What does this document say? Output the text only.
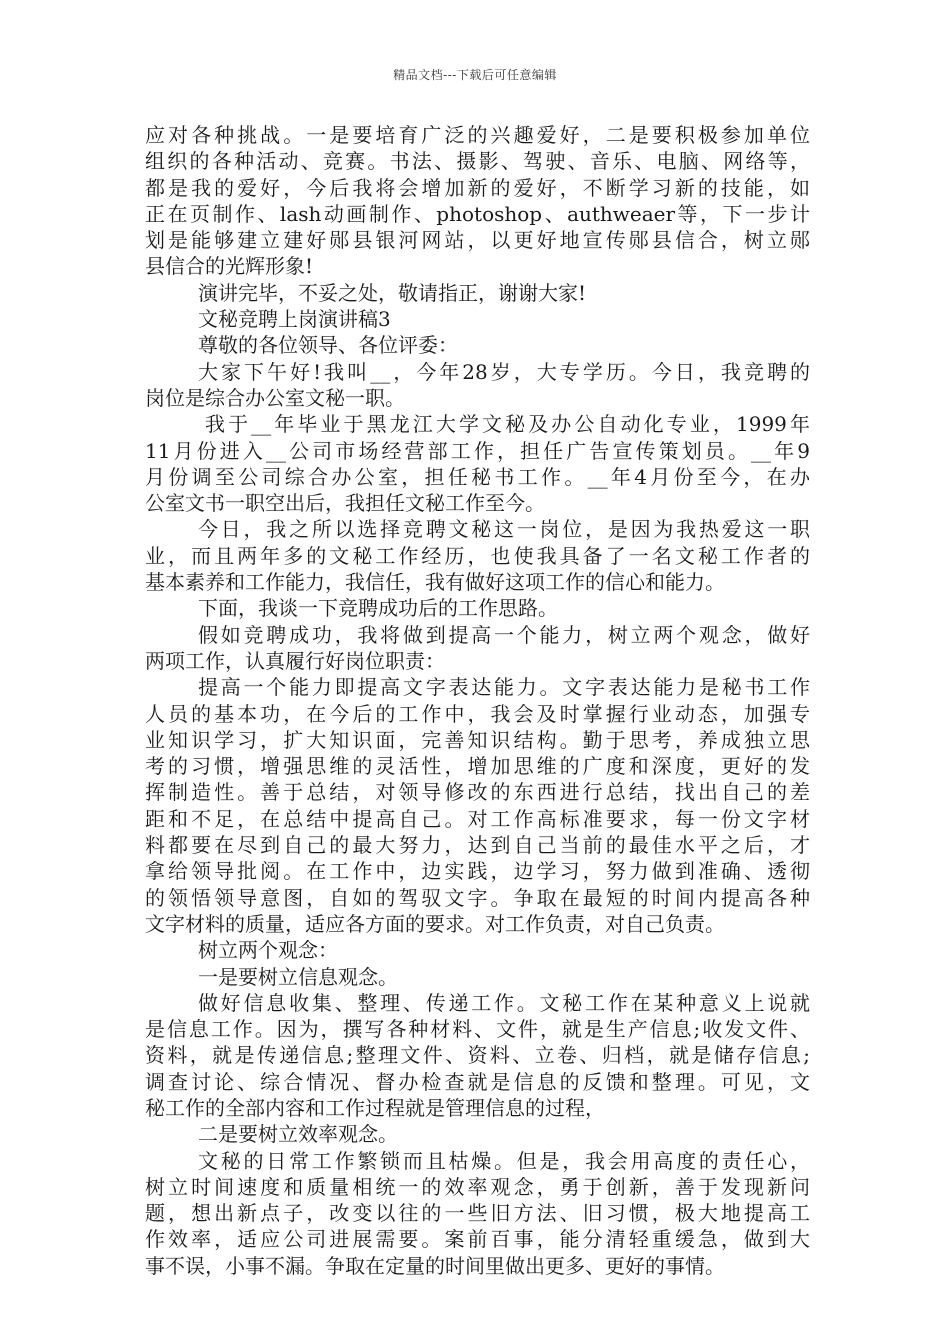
精品文档---下载后可任意编辑
应对各种挑战。一是要培育广泛的兴趣爱好，二是要积极参加单位
组织的各种活动、竞赛。书法、摄影、驾驶、音乐、电脑、网络等，
都是我的爱好，今后我将会增加新的爱好，不断学习新的技能，如
正在页制作、lash动画制作、photoshop、authweaer等，下一步计
划是能够建立建好郧县银河网站，以更好地宣传郧县信合，树立郧
县信合的光辉形象!
演讲完毕，不妥之处，敬请指正，谢谢大家!
文秘竞聘上岗演讲稿3
尊敬的各位领导、各位评委：
大家下午好!我叫__，今年28岁，大专学历。今日，我竞聘的
岗位是综合办公室文秘一职。
我于__年毕业于黑龙江大学文秘及办公自动化专业，1999年
11月份进入__公司市场经营部工作，担任广告宣传策划员。__年9
月份调至公司综合办公室，担任秘书工作。__年4月份至今，在办
公室文书一职空出后，我担任文秘工作至今。
今日，我之所以选择竞聘文秘这一岗位，是因为我热爱这一职
业，而且两年多的文秘工作经历，也使我具备了一名文秘工作者的
基本素养和工作能力，我信任，我有做好这项工作的信心和能力。
下面，我谈一下竞聘成功后的工作思路。
假如竞聘成功，我将做到提高一个能力，树立两个观念，做好
两项工作，认真履行好岗位职责：
提高一个能力即提高文字表达能力。文字表达能力是秘书工作
人员的基本功，在今后的工作中，我会及时掌握行业动态，加强专
业知识学习，扩大知识面，完善知识结构。勤于思考，养成独立思
考的习惯，增强思维的灵活性，增加思维的广度和深度，更好的发
挥制造性。善于总结，对领导修改的东西进行总结，找出自己的差
距和不足，在总结中提高自己。对工作高标准要求，每一份文字材
料都要在尽到自己的最大努力，达到自己当前的最佳水平之后，才
拿给领导批阅。在工作中，边实践，边学习，努力做到准确、透彻
的领悟领导意图，自如的驾驭文字。争取在最短的时间内提高各种
文字材料的质量，适应各方面的要求。对工作负责，对自己负责。
树立两个观念：
一是要树立信息观念。
做好信息收集、整理、传递工作。文秘工作在某种意义上说就
是信息工作。因为，撰写各种材料、文件，就是生产信息;收发文件、
资料，就是传递信息;整理文件、资料、立卷、归档，就是储存信息;
调查讨论、综合情况、督办检查就是信息的反馈和整理。可见，文
秘工作的全部内容和工作过程就是管理信息的过程，
二是要树立效率观念。
文秘的日常工作繁锁而且枯燥。但是，我会用高度的责任心，
树立时间速度和质量相统一的效率观念，勇于创新，善于发现新问
题，想出新点子，改变以往的一些旧方法、旧习惯，极大地提高工
作效率，适应公司进展需要。案前百事，能分清轻重缓急，做到大
事不误，小事不漏。争取在定量的时间里做出更多、更好的事情。
